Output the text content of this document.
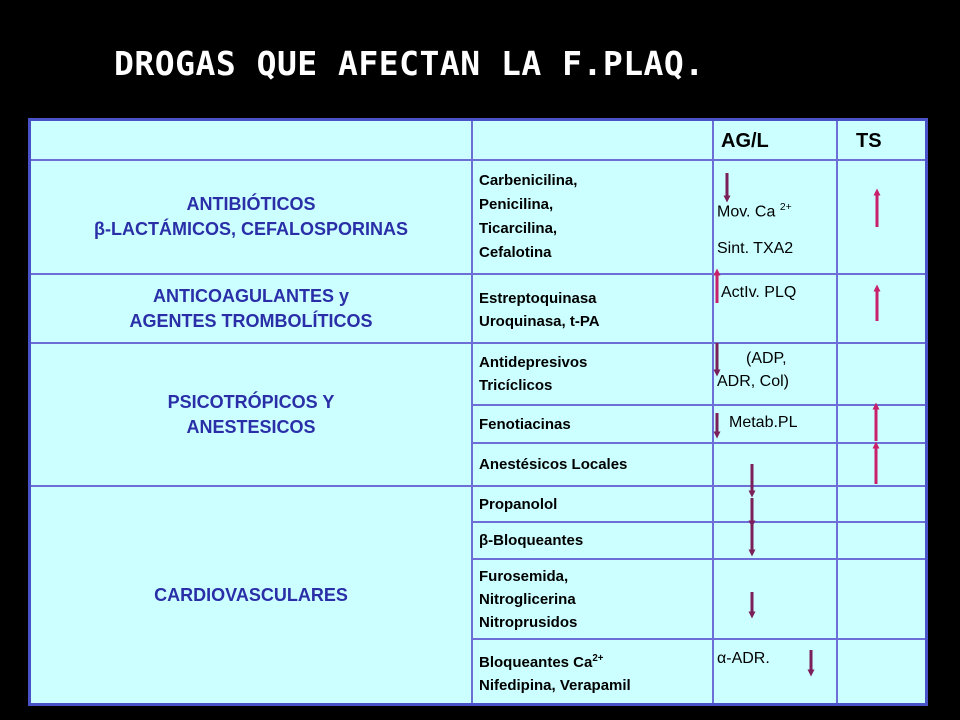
DROGAS QUE AFECTAN LA F.PLAQ.
AG/L	TS
ANTIBIÓTICOS
β-LACTÁMICOS, CEFALOSPORINAS
ANTICOAGULANTES y
AGENTES TROMBOLÍTICOS
PSICOTRÓPICOS Y
ANESTESICOS
CARDIOVASCULARES
Carbenicilina,
Penicilina,
Ticarcilina,
Cefalotina
Estreptoquinasa
Uroquinasa, t-PA
Antidepresivos
Tricíclicos
Fenotiacinas
Anestésicos Locales
Propanolol
β-Bloqueantes
Furosemida,
Nitroglicerina
Nitroprusidos
Bloqueantes $Ca^{2+}$
Nifedipina, Verapamil
Mov. Ca $^{2+}$
Sint. TXA2
ActIv. PLQ
(ADP,
ADR, Col)
Metab.PL
α-ADR.
